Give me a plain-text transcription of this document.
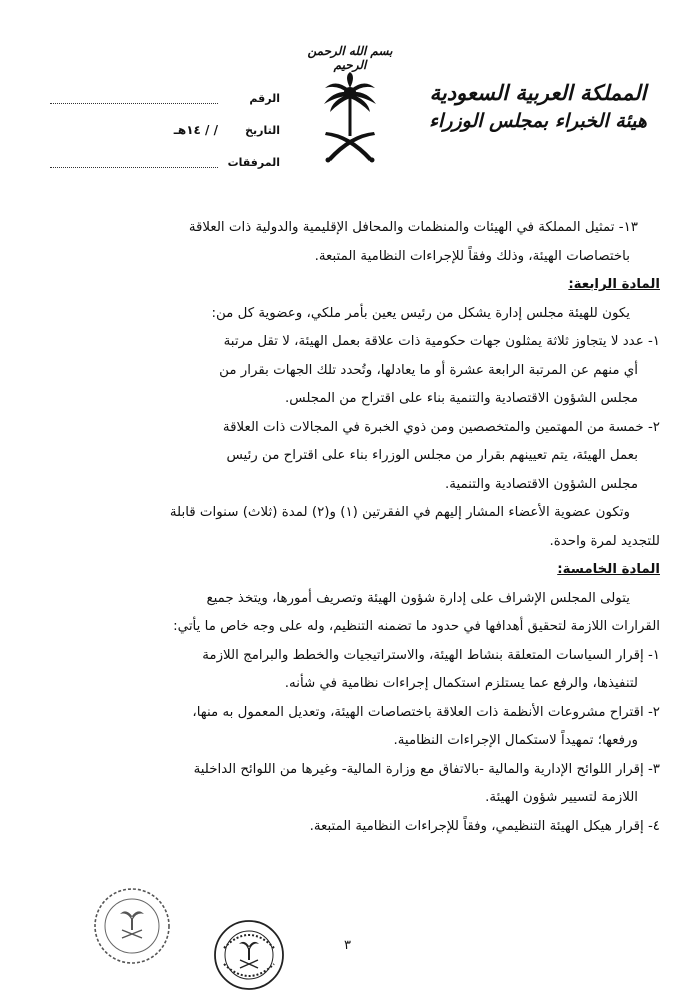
المملكة العربية السعودية
هيئة الخبراء بمجلس الوزراء
بسم الله الرحمن الرحيم
الرقم
التاريخ
/ / ١٤هـ
المرفقات
١٣- تمثيل المملكة في الهيئات والمنظمات والمحافل الإقليمية والدولية ذات العلاقة
باختصاصات الهيئة، وذلك وفقاً للإجراءات النظامية المتبعة.
المادة الرابعة:
يكون للهيئة مجلس إدارة يشكل من رئيس يعين بأمر ملكي، وعضوية كل من:
١- عدد لا يتجاوز ثلاثة يمثلون جهات حكومية ذات علاقة بعمل الهيئة، لا تقل مرتبة
أي منهم عن المرتبة الرابعة عشرة أو ما يعادلها، وتُحدد تلك الجهات بقرار من
مجلس الشؤون الاقتصادية والتنمية بناء على اقتراح من المجلس.
٢- خمسة من المهتمين والمتخصصين ومن ذوي الخبرة في المجالات ذات العلاقة
بعمل الهيئة، يتم تعيينهم بقرار من مجلس الوزراء بناء على اقتراح من رئيس
مجلس الشؤون الاقتصادية والتنمية.
وتكون عضوية الأعضاء المشار إليهم في الفقرتين (١) و(٢) لمدة (ثلاث) سنوات قابلة
للتجديد لمرة واحدة.
المادة الخامسة:
يتولى المجلس الإشراف على إدارة شؤون الهيئة وتصريف أمورها، ويتخذ جميع
القرارات اللازمة لتحقيق أهدافها في حدود ما تضمنه التنظيم، وله على وجه خاص ما يأتي:
١- إقرار السياسات المتعلقة بنشاط الهيئة، والاستراتيجيات والخطط والبرامج اللازمة
لتنفيذها، والرفع عما يستلزم استكمال إجراءات نظامية في شأنه.
٢- اقتراح مشروعات الأنظمة ذات العلاقة باختصاصات الهيئة، وتعديل المعمول به منها،
ورفعها؛ تمهيداً لاستكمال الإجراءات النظامية.
٣- إقرار اللوائح الإدارية والمالية -بالاتفاق مع وزارة المالية- وغيرها من اللوائح الداخلية
اللازمة لتسيير شؤون الهيئة.
٤- إقرار هيكل الهيئة التنظيمي، وفقاً للإجراءات النظامية المتبعة.
٣
